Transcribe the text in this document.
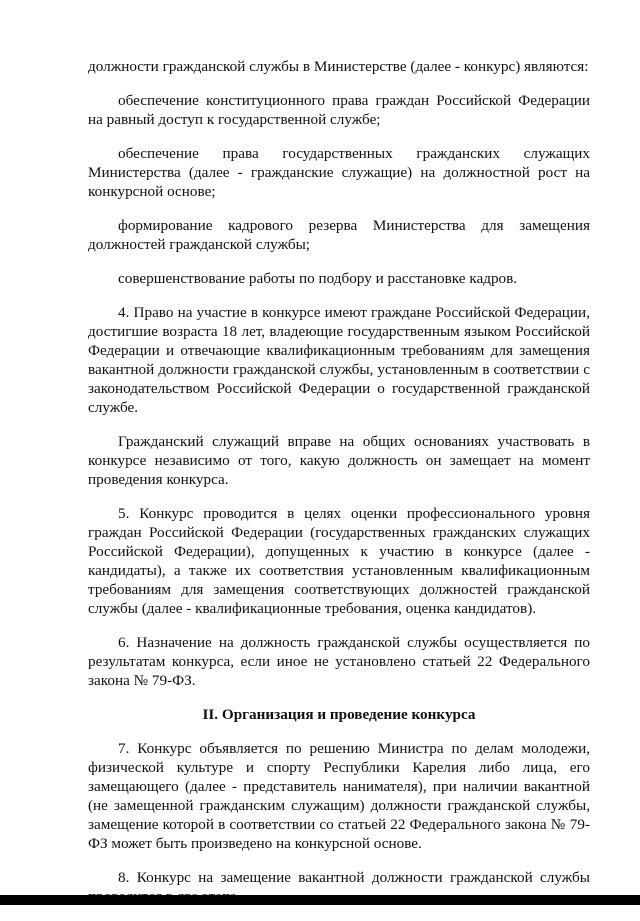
должности гражданской службы в Министерстве (далее - конкурс) являются:

обеспечение конституционного права граждан Российской Федерации на равный доступ к государственной службе;

обеспечение права государственных гражданских служащих Министерства (далее - гражданские служащие) на должностной рост на конкурсной основе;

формирование кадрового резерва Министерства для замещения должностей гражданской службы;

совершенствование работы по подбору и расстановке кадров.

4. Право на участие в конкурсе имеют граждане Российской Федерации, достигшие возраста 18 лет, владеющие государственным языком Российской Федерации и отвечающие квалификационным требованиям для замещения вакантной должности гражданской службы, установленным в соответствии с законодательством Российской Федерации о государственной гражданской службе.

Гражданский служащий вправе на общих основаниях участвовать в конкурсе независимо от того, какую должность он замещает на момент проведения конкурса.

5. Конкурс проводится в целях оценки профессионального уровня граждан Российской Федерации (государственных гражданских служащих Российской Федерации), допущенных к участию в конкурсе (далее - кандидаты), а также их соответствия установленным квалификационным требованиям для замещения соответствующих должностей гражданской службы (далее - квалификационные требования, оценка кандидатов).

6. Назначение на должность гражданской службы осуществляется по результатам конкурса, если иное не установлено статьей 22 Федерального закона № 79-ФЗ.

II. Организация и проведение конкурса

7. Конкурс объявляется по решению Министра по делам молодежи, физической культуре и спорту Республики Карелия либо лица, его замещающего (далее - представитель нанимателя), при наличии вакантной (не замещенной гражданским служащим) должности гражданской службы, замещение которой в соответствии со статьей 22 Федерального закона № 79-ФЗ может быть произведено на конкурсной основе.

8. Конкурс на замещение вакантной должности гражданской службы
